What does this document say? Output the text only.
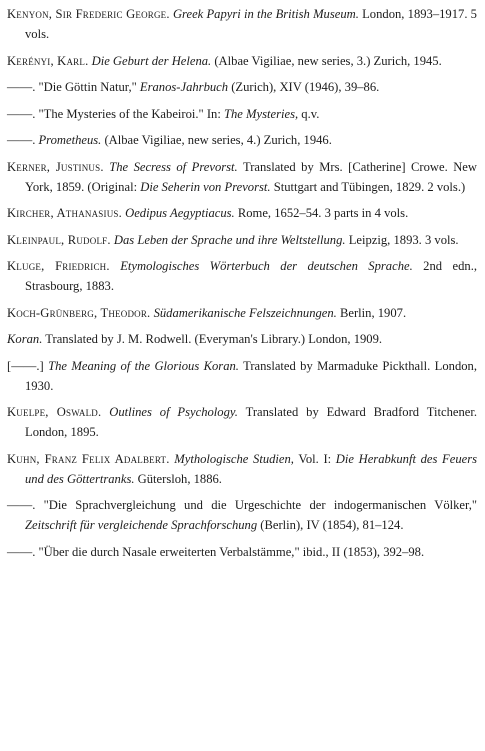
Kenyon, Sir Frederic George. Greek Papyri in the British Museum. London, 1893–1917. 5 vols.

Kerényi, Karl. Die Geburt der Helena. (Albae Vigiliae, new series, 3.) Zurich, 1945.

——. "Die Göttin Natur," Eranos-Jahrbuch (Zurich), XIV (1946), 39–86.

——. "The Mysteries of the Kabeiroi." In: The Mysteries, q.v.

——. Prometheus. (Albae Vigiliae, new series, 4.) Zurich, 1946.

Kerner, Justinus. The Secress of Prevorst. Translated by Mrs. [Catherine] Crowe. New York, 1859. (Original: Die Seherin von Prevorst. Stuttgart and Tübingen, 1829. 2 vols.)

Kircher, Athanasius. Oedipus Aegyptiacus. Rome, 1652–54. 3 parts in 4 vols.

Kleinpaul, Rudolf. Das Leben der Sprache und ihre Weltstellung. Leipzig, 1893. 3 vols.

Kluge, Friedrich. Etymologisches Wörterbuch der deutschen Sprache. 2nd edn., Strasbourg, 1883.

Koch-Grünberg, Theodor. Südamerikanische Felszeichnungen. Berlin, 1907.

Koran. Translated by J. M. Rodwell. (Everyman's Library.) London, 1909.

[——.] The Meaning of the Glorious Koran. Translated by Marmaduke Pickthall. London, 1930.

Kuelpe, Oswald. Outlines of Psychology. Translated by Edward Bradford Titchener. London, 1895.

Kuhn, Franz Felix Adalbert. Mythologische Studien, Vol. I: Die Herabkunft des Feuers und des Göttertranks. Gütersloh, 1886.

——. "Die Sprachvergleichung und die Urgeschichte der indogermanischen Völker," Zeitschrift für vergleichende Sprachforschung (Berlin), IV (1854), 81–124.

——. "Über die durch Nasale erweiterten Verbalstämme," ibid., II (1853), 392–98.
